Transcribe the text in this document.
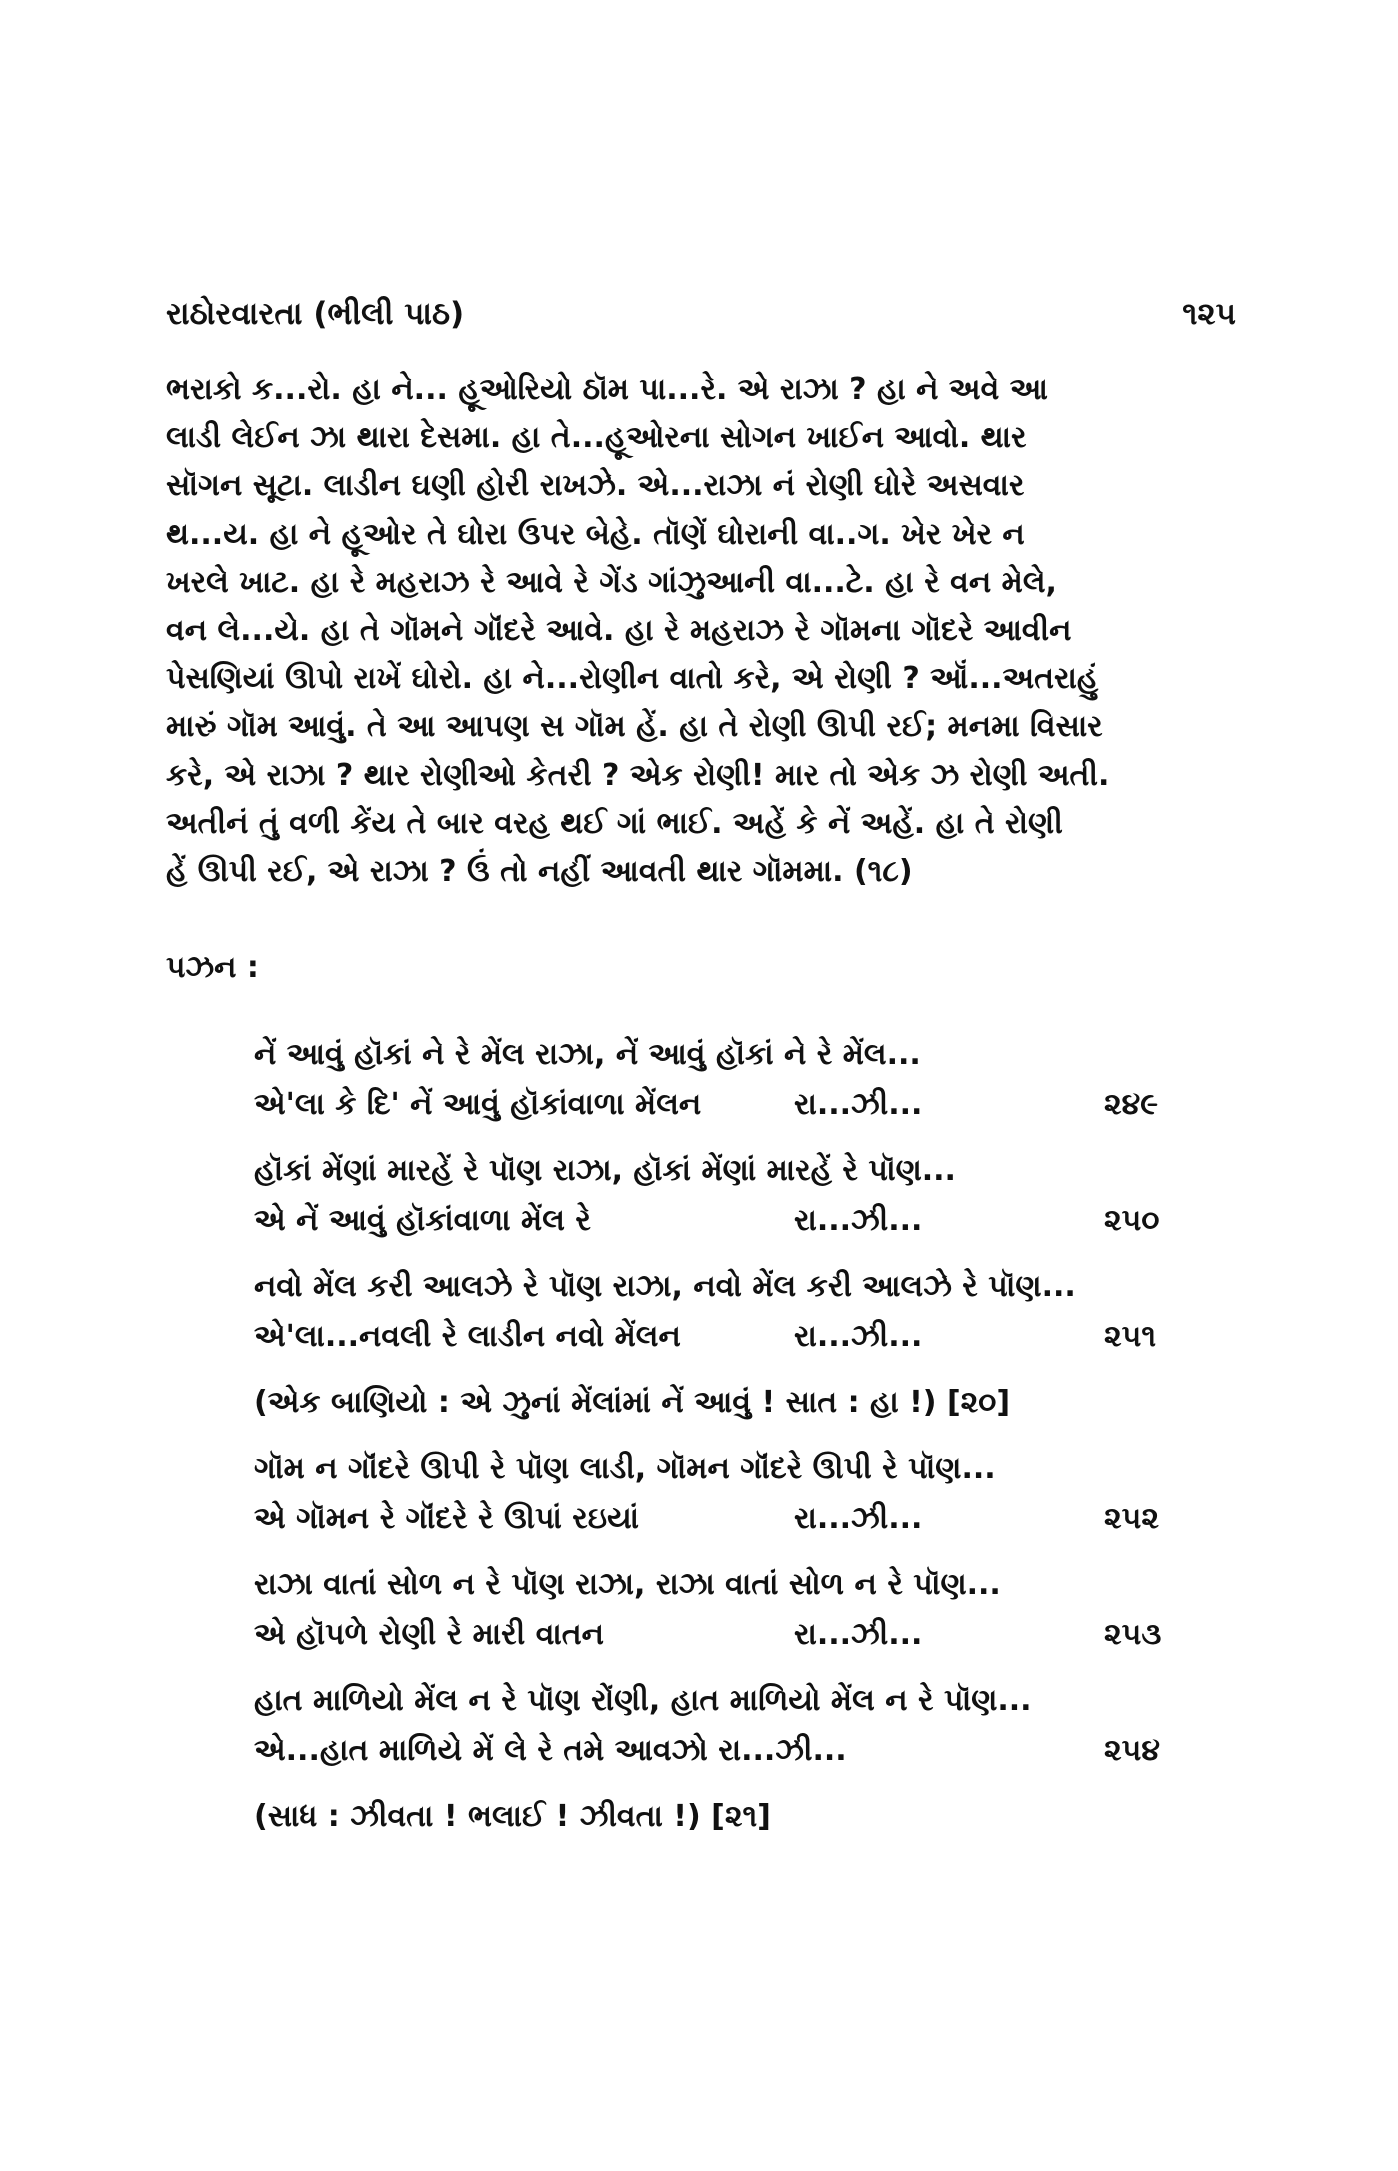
રાઠોરવારતા (ભીલી પાઠ)	૧૨૫
ભરાકો ક...રો. હા ને... હૂઓરિયો ઠૉમ પા...રે. એ રાઝા ? હા ને અવે આ
લાડી લેઈન ઝા થારા દેસમા. હા તે...હૂઓરના સોગન ખાઈન આવો. થાર
સૉગન સૂટા. લાડીન ઘણી હોરી રાખઝે. એ...રાઝા નં રોણી ઘોરે અસવાર
થ...ય. હા ને હૂઓર તે ઘોરા ઉપર બેહે. તૉણેં ઘોરાની વા..ગ. ખેર ખેર ન
ખરલે ખાટ. હા રે મહરાઝ રે આવે રે ગેંડ ગાંઝુઆની વા...ટે. હા રે વન મેલે,
વન લે...યે. હા તે ગૉમને ગૉંદરે આવે. હા રે મહરાઝ રે ગૉમના ગૉદરે આવીન
પેસણિયાં ઊપો રાખેં ઘોરો. હા ને...રોણીન વાતો કરે, એ રોણી ? ઑં...અતરાહું
મારું ગૉમ આવું. તે આ આપણ સ ગૉમ હેં. હા તે રોણી ઊપી રઈ; મનમા વિસાર
કરે, એ રાઝા ? થાર રોણીઓ કેતરી ? એક રોણી! માર તો એક ઝ રોણી અતી.
અતીનં તું વળી કેંય તે બાર વરહ થઈ ગાં ભાઈ. અહેં કે નેં અહેં. હા તે રોણી
હેં ઊપી રઈ, એ રાઝા ? ઉં તો નહીં આવતી થાર ગૉમમા. (૧૮)
પઝન :
નેં આવું હૉકાં ને રે મેંલ રાઝા, નેં આવું હૉકાં ને રે મેંલ...
એ'લા કે દિ' નેં આવું હૉકાંવાળા મેંલન	રા...ઝી...	૨૪૯
હૉકાં મેંણાં મારહેં રે પૉણ રાઝા, હૉકાં મેંણાં મારહેં રે પૉણ...
એ નેં આવું હૉકાંવાળા મેંલ રે	રા...ઝી...	૨૫૦
નવો મેંલ કરી આલઝે રે પૉણ રાઝા, નવો મેંલ કરી આલઝે રે પૉણ...
એ'લા...નવલી રે લાડીન નવો મેંલન	રા...ઝી...	૨૫૧
(એક બાણિયો : એ ઝુનાં મેંલાંમાં નેં આવું ! સાત : હા !) [૨૦]
ગૉમ ન ગૉંદરે ઊપી રે પૉણ લાડી, ગૉમન ગૉંદરે ઊપી રે પૉણ...
એ ગૉમન રે ગૉંદરે રે ઊપાં રઇયાં	રા...ઝી...	૨૫૨
રાઝા વાતાં સોળ ન રે પૉણ રાઝા, રાઝા વાતાં સોળ ન રે પૉણ...
એ હૉપળે રોણી રે મારી વાતન	રા...ઝી...	૨૫૩
હાત માળિયો મેંલ ન રે પૉણ રોંણી, હાત માળિયો મેંલ ન રે પૉણ...
એ...હાત માળિયે મેં લે રે તમે આવઝો રા...ઝી...	૨૫૪
(સાધ : ઝીવતા ! ભલાઈ ! ઝીવતા !) [૨૧]
